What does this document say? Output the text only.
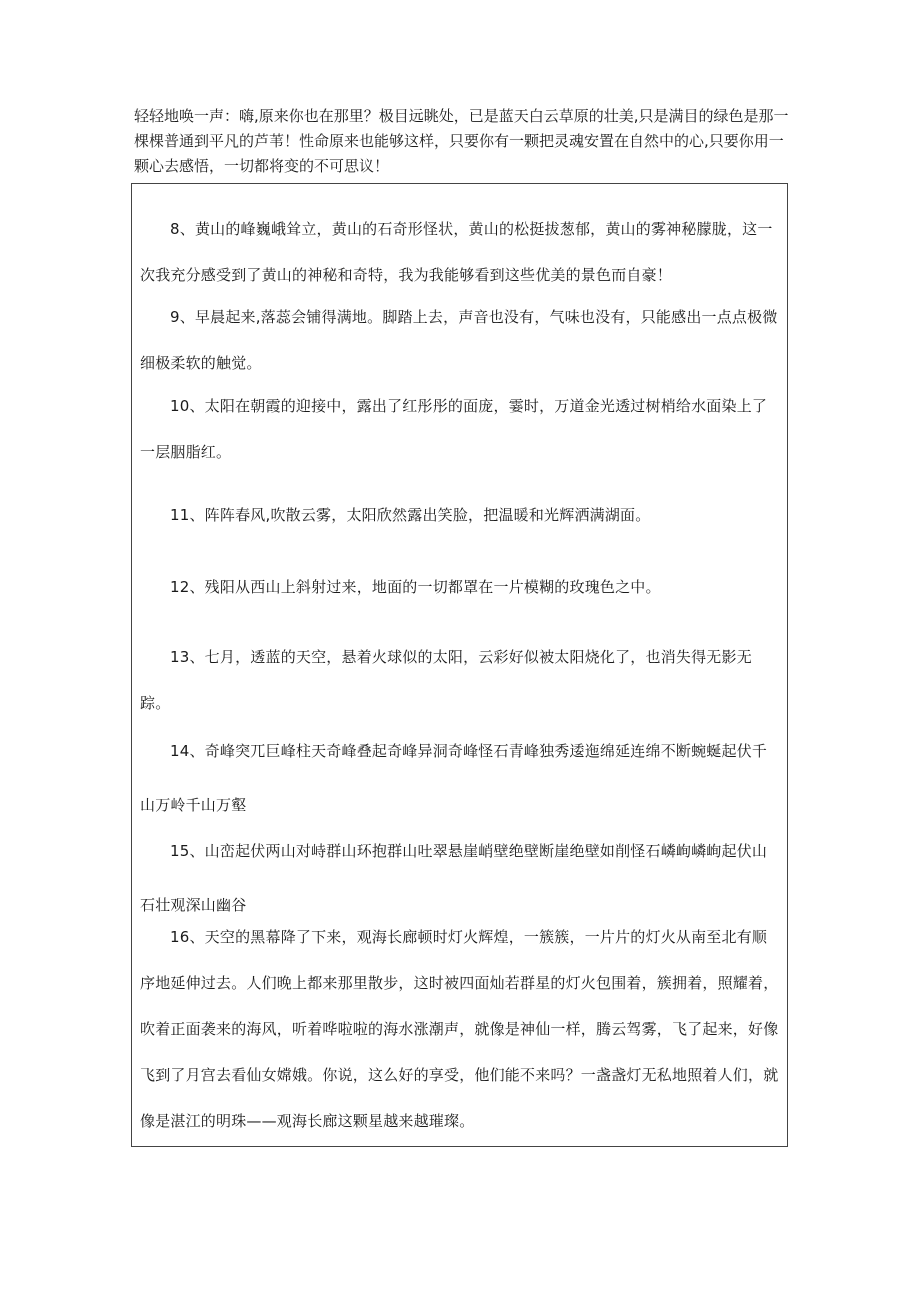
轻轻地唤一声：嗨,原来你也在那里？极目远眺处，已是蓝天白云草原的壮美,只是满目的绿色是那一棵棵普通到平凡的芦苇！性命原来也能够这样，只要你有一颗把灵魂安置在自然中的心,只要你用一颗心去感悟，一切都将变的不可思议！

8、黄山的峰巍峨耸立，黄山的石奇形怪状，黄山的松挺拔葱郁，黄山的雾神秘朦胧，这一次我充分感受到了黄山的神秘和奇特，我为我能够看到这些优美的景色而自豪！

9、早晨起来,落蕊会铺得满地。脚踏上去，声音也没有，气味也没有，只能感出一点点极微细极柔软的触觉。

10、太阳在朝霞的迎接中，露出了红彤彤的面庞，霎时，万道金光透过树梢给水面染上了一层胭脂红。

11、阵阵春风,吹散云雾，太阳欣然露出笑脸，把温暖和光辉洒满湖面。

12、残阳从西山上斜射过来，地面的一切都罩在一片模糊的玫瑰色之中。

13、七月，透蓝的天空，悬着火球似的太阳，云彩好似被太阳烧化了，也消失得无影无踪。

14、奇峰突兀巨峰柱天奇峰叠起奇峰异洞奇峰怪石青峰独秀逶迤绵延连绵不断蜿蜒起伏千山万岭千山万壑

15、山峦起伏两山对峙群山环抱群山吐翠悬崖峭壁绝壁断崖绝壁如削怪石嶙峋嶙峋起伏山石壮观深山幽谷

16、天空的黑幕降了下来，观海长廊顿时灯火辉煌，一簇簇，一片片的灯火从南至北有顺序地延伸过去。人们晚上都来那里散步，这时被四面灿若群星的灯火包围着，簇拥着，照耀着，吹着正面袭来的海风，听着哗啦啦的海水涨潮声，就像是神仙一样，腾云驾雾，飞了起来，好像飞到了月宫去看仙女嫦娥。你说，这么好的享受，他们能不来吗？一盏盏灯无私地照着人们，就像是湛江的明珠——观海长廊这颗星越来越璀璨。
